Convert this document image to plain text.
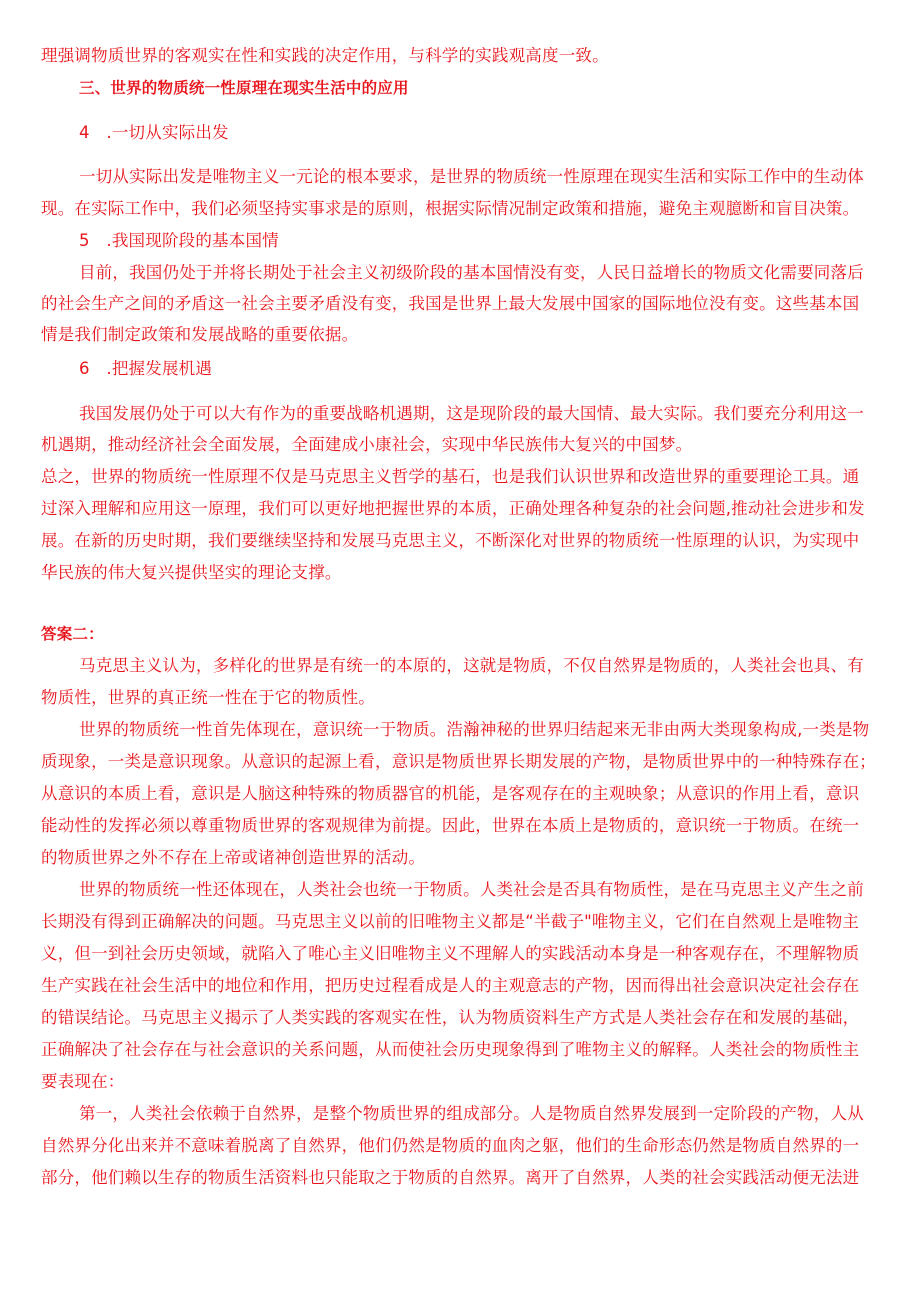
理强调物质世界的客观实在性和实践的决定作用，与科学的实践观高度一致。
三、世界的物质统一性原理在现实生活中的应用
4　.一切从实际出发
一切从实际出发是唯物主义一元论的根本要求，是世界的物质统一性原理在现实生活和实际工作中的生动体
现。在实际工作中，我们必须坚持实事求是的原则，根据实际情况制定政策和措施，避免主观臆断和盲目决策。
5　.我国现阶段的基本国情
目前，我国仍处于并将长期处于社会主义初级阶段的基本国情没有变，人民日益增长的物质文化需要同落后
的社会生产之间的矛盾这一社会主要矛盾没有变，我国是世界上最大发展中国家的国际地位没有变。这些基本国
情是我们制定政策和发展战略的重要依据。
6　.把握发展机遇
我国发展仍处于可以大有作为的重要战略机遇期，这是现阶段的最大国情、最大实际。我们要充分利用这一
机遇期，推动经济社会全面发展，全面建成小康社会，实现中华民族伟大复兴的中国梦。
总之，世界的物质统一性原理不仅是马克思主义哲学的基石，也是我们认识世界和改造世界的重要理论工具。通
过深入理解和应用这一原理，我们可以更好地把握世界的本质，正确处理各种复杂的社会问题,推动社会进步和发
展。在新的历史时期，我们要继续坚持和发展马克思主义，不断深化对世界的物质统一性原理的认识，为实现中
华民族的伟大复兴提供坚实的理论支撑。
答案二：
马克思主义认为，多样化的世界是有统一的本原的，这就是物质，不仅自然界是物质的，人类社会也具、有
物质性，世界的真正统一性在于它的物质性。
世界的物质统一性首先体现在，意识统一于物质。浩瀚神秘的世界归结起来无非由两大类现象构成,一类是物
质现象，一类是意识现象。从意识的起源上看，意识是物质世界长期发展的产物，是物质世界中的一种特殊存在；
从意识的本质上看，意识是人脑这种特殊的物质器官的机能，是客观存在的主观映象；从意识的作用上看，意识
能动性的发挥必须以尊重物质世界的客观规律为前提。因此，世界在本质上是物质的，意识统一于物质。在统一
的物质世界之外不存在上帝或诸神创造世界的活动。
世界的物质统一性还体现在，人类社会也统一于物质。人类社会是否具有物质性，是在马克思主义产生之前
长期没有得到正确解决的问题。马克思主义以前的旧唯物主义都是“半截子"唯物主义，它们在自然观上是唯物主
义，但一到社会历史领域，就陷入了唯心主义旧唯物主义不理解人的实践活动本身是一种客观存在，不理解物质
生产实践在社会生活中的地位和作用，把历史过程看成是人的主观意志的产物，因而得出社会意识决定社会存在
的错误结论。马克思主义揭示了人类实践的客观实在性，认为物质资料生产方式是人类社会存在和发展的基础，
正确解决了社会存在与社会意识的关系问题，从而使社会历史现象得到了唯物主义的解释。人类社会的物质性主
要表现在：
第一，人类社会依赖于自然界，是整个物质世界的组成部分。人是物质自然界发展到一定阶段的产物，人从
自然界分化出来并不意味着脱离了自然界，他们仍然是物质的血肉之躯，他们的生命形态仍然是物质自然界的一
部分，他们赖以生存的物质生活资料也只能取之于物质的自然界。离开了自然界，人类的社会实践活动便无法进
